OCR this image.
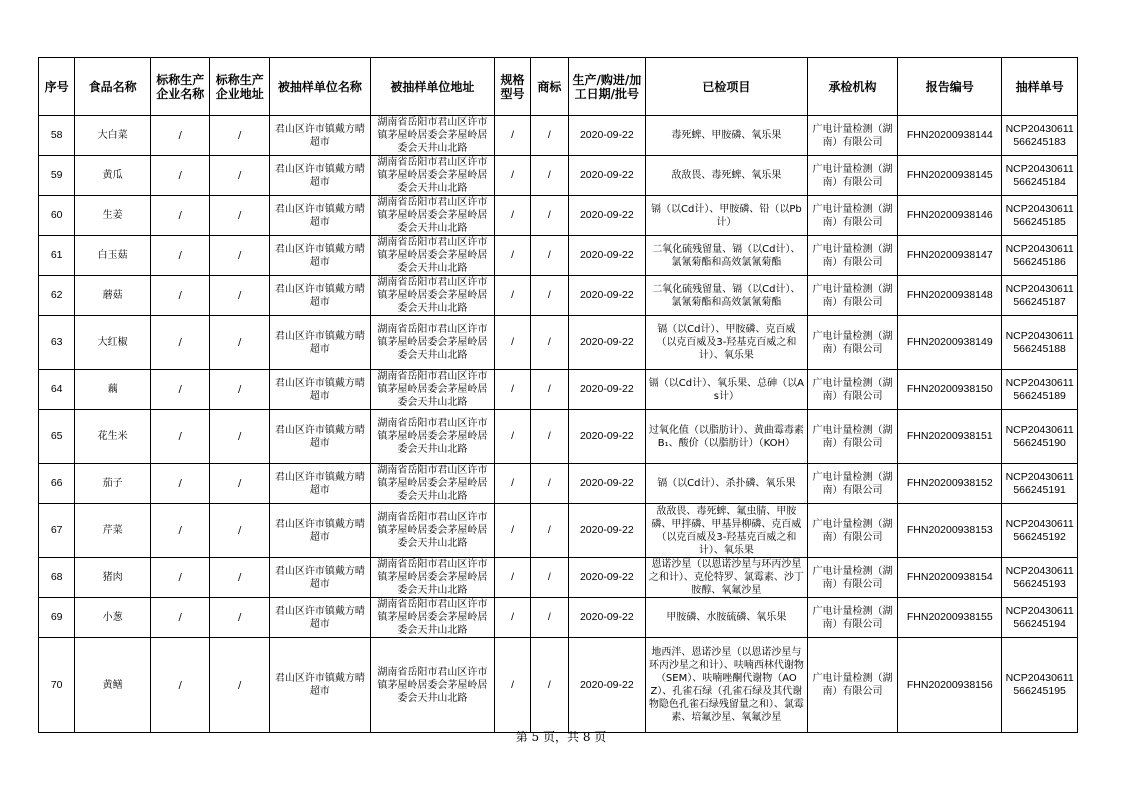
序号	食品名称	标称生产企业名称	标称生产企业地址	被抽样单位名称	被抽样单位地址	规格型号	商标	生产/购进/加工日期/批号	已检项目	承检机构	报告编号	抽样单号
58	大白菜	/	/	君山区许市镇戴方晴超市	湖南省岳阳市君山区许市镇茅屋岭居委会茅屋岭居委会天井山北路	/	/	2020-09-22	毒死蜱、甲胺磷、氧乐果	广电计量检测（湖南）有限公司	FHN20200938144	NCP20430611566245183
59	黄瓜	/	/	君山区许市镇戴方晴超市	湖南省岳阳市君山区许市镇茅屋岭居委会茅屋岭居委会天井山北路	/	/	2020-09-22	敌敌畏、毒死蜱、氧乐果	广电计量检测（湖南）有限公司	FHN20200938145	NCP20430611566245184
60	生姜	/	/	君山区许市镇戴方晴超市	湖南省岳阳市君山区许市镇茅屋岭居委会茅屋岭居委会天井山北路	/	/	2020-09-22	镉（以Cd计）、甲胺磷、铅（以Pb计）	广电计量检测（湖南）有限公司	FHN20200938146	NCP20430611566245185
61	白玉菇	/	/	君山区许市镇戴方晴超市	湖南省岳阳市君山区许市镇茅屋岭居委会茅屋岭居委会天井山北路	/	/	2020-09-22	二氧化硫残留量、镉（以Cd计）、氯氰菊酯和高效氯氰菊酯	广电计量检测（湖南）有限公司	FHN20200938147	NCP20430611566245186
62	蘑菇	/	/	君山区许市镇戴方晴超市	湖南省岳阳市君山区许市镇茅屋岭居委会茅屋岭居委会天井山北路	/	/	2020-09-22	二氧化硫残留量、镉（以Cd计）、氯氰菊酯和高效氯氰菊酯	广电计量检测（湖南）有限公司	FHN20200938148	NCP20430611566245187
63	大红椒	/	/	君山区许市镇戴方晴超市	湖南省岳阳市君山区许市镇茅屋岭居委会茅屋岭居委会天井山北路	/	/	2020-09-22	镉（以Cd计）、甲胺磷、克百威（以克百威及3-羟基克百威之和计）、氧乐果	广电计量检测（湖南）有限公司	FHN20200938149	NCP20430611566245188
64	藕	/	/	君山区许市镇戴方晴超市	湖南省岳阳市君山区许市镇茅屋岭居委会茅屋岭居委会天井山北路	/	/	2020-09-22	镉（以Cd计）、氧乐果、总砷（以As计）	广电计量检测（湖南）有限公司	FHN20200938150	NCP20430611566245189
65	花生米	/	/	君山区许市镇戴方晴超市	湖南省岳阳市君山区许市镇茅屋岭居委会茅屋岭居委会天井山北路	/	/	2020-09-22	过氧化值（以脂肪计）、黄曲霉毒素 B₁、酸价（以脂肪计）（KOH）	广电计量检测（湖南）有限公司	FHN20200938151	NCP20430611566245190
66	茄子	/	/	君山区许市镇戴方晴超市	湖南省岳阳市君山区许市镇茅屋岭居委会茅屋岭居委会天井山北路	/	/	2020-09-22	镉（以Cd计）、杀扑磷、氧乐果	广电计量检测（湖南）有限公司	FHN20200938152	NCP20430611566245191
67	芹菜	/	/	君山区许市镇戴方晴超市	湖南省岳阳市君山区许市镇茅屋岭居委会茅屋岭居委会天井山北路	/	/	2020-09-22	敌敌畏、毒死蜱、氟虫腈、甲胺磷、甲拌磷、甲基异柳磷、克百威（以克百威及3-羟基克百威之和计）、氧乐果	广电计量检测（湖南）有限公司	FHN20200938153	NCP20430611566245192
68	猪肉	/	/	君山区许市镇戴方晴超市	湖南省岳阳市君山区许市镇茅屋岭居委会茅屋岭居委会天井山北路	/	/	2020-09-22	恩诺沙星（以恩诺沙星与环丙沙星之和计）、克伦特罗、氯霉素、沙丁胺醇、氧氟沙星	广电计量检测（湖南）有限公司	FHN20200938154	NCP20430611566245193
69	小葱	/	/	君山区许市镇戴方晴超市	湖南省岳阳市君山区许市镇茅屋岭居委会茅屋岭居委会天井山北路	/	/	2020-09-22	甲胺磷、水胺硫磷、氧乐果	广电计量检测（湖南）有限公司	FHN20200938155	NCP20430611566245194
70	黄鳝	/	/	君山区许市镇戴方晴超市	湖南省岳阳市君山区许市镇茅屋岭居委会茅屋岭居委会天井山北路	/	/	2020-09-22	地西泮、恩诺沙星（以恩诺沙星与环丙沙星之和计）、呋喃西林代谢物（SEM）、呋喃唑酮代谢物（AOZ）、孔雀石绿（孔雀石绿及其代谢物隐色孔雀石绿残留量之和）、氯霉素、培氟沙星、氧氟沙星	广电计量检测（湖南）有限公司	FHN20200938156	NCP20430611566245195
第 5 页，共 8 页
